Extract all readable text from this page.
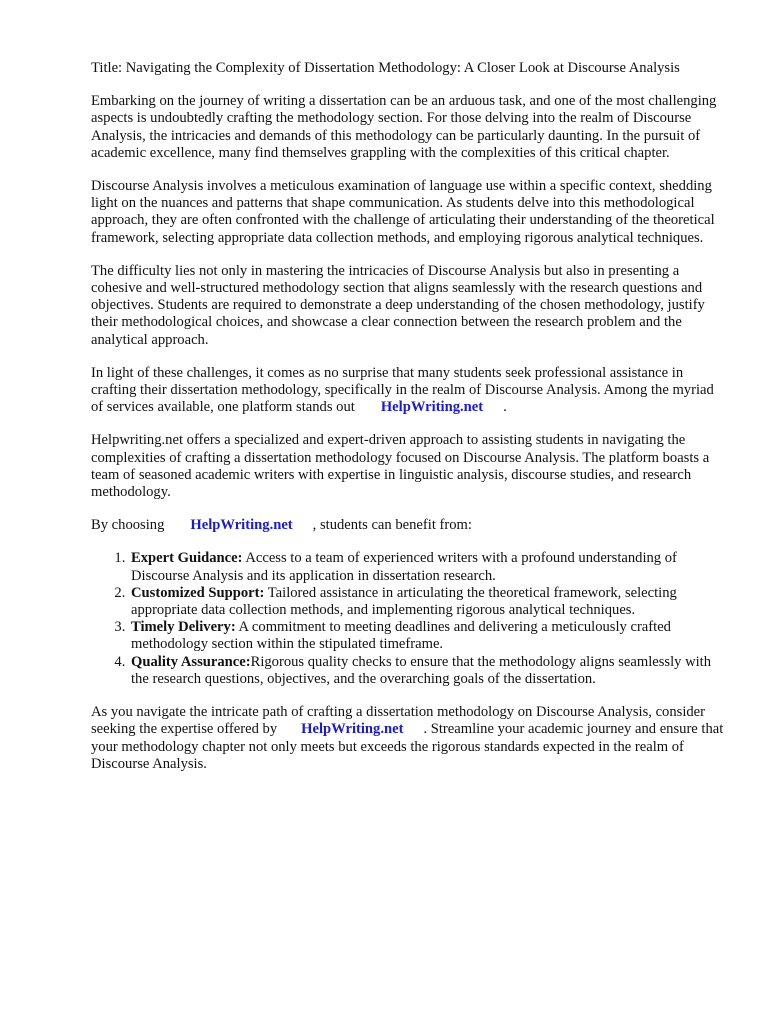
Title: Navigating the Complexity of Dissertation Methodology: A Closer Look at Discourse Analysis

Embarking on the journey of writing a dissertation can be an arduous task, and one of the most challenging aspects is undoubtedly crafting the methodology section. For those delving into the realm of Discourse Analysis, the intricacies and demands of this methodology can be particularly daunting. In the pursuit of academic excellence, many find themselves grappling with the complexities of this critical chapter.

Discourse Analysis involves a meticulous examination of language use within a specific context, shedding light on the nuances and patterns that shape communication. As students delve into this methodological approach, they are often confronted with the challenge of articulating their understanding of the theoretical framework, selecting appropriate data collection methods, and employing rigorous analytical techniques.

The difficulty lies not only in mastering the intricacies of Discourse Analysis but also in presenting a cohesive and well-structured methodology section that aligns seamlessly with the research questions and objectives. Students are required to demonstrate a deep understanding of the chosen methodology, justify their methodological choices, and showcase a clear connection between the research problem and the analytical approach.

In light of these challenges, it comes as no surprise that many students seek professional assistance in crafting their dissertation methodology, specifically in the realm of Discourse Analysis. Among the myriad of services available, one platform stands out HelpWriting.net .

Helpwriting.net offers a specialized and expert-driven approach to assisting students in navigating the complexities of crafting a dissertation methodology focused on Discourse Analysis. The platform boasts a team of seasoned academic writers with expertise in linguistic analysis, discourse studies, and research methodology.

By choosing HelpWriting.net , students can benefit from:

1. Expert Guidance: Access to a team of experienced writers with a profound understanding of Discourse Analysis and its application in dissertation research.
2. Customized Support: Tailored assistance in articulating the theoretical framework, selecting appropriate data collection methods, and implementing rigorous analytical techniques.
3. Timely Delivery: A commitment to meeting deadlines and delivering a meticulously crafted methodology section within the stipulated timeframe.
4. Quality Assurance:Rigorous quality checks to ensure that the methodology aligns seamlessly with the research questions, objectives, and the overarching goals of the dissertation.

As you navigate the intricate path of crafting a dissertation methodology on Discourse Analysis, consider seeking the expertise offered by HelpWriting.net . Streamline your academic journey and ensure that your methodology chapter not only meets but exceeds the rigorous standards expected in the realm of Discourse Analysis.
